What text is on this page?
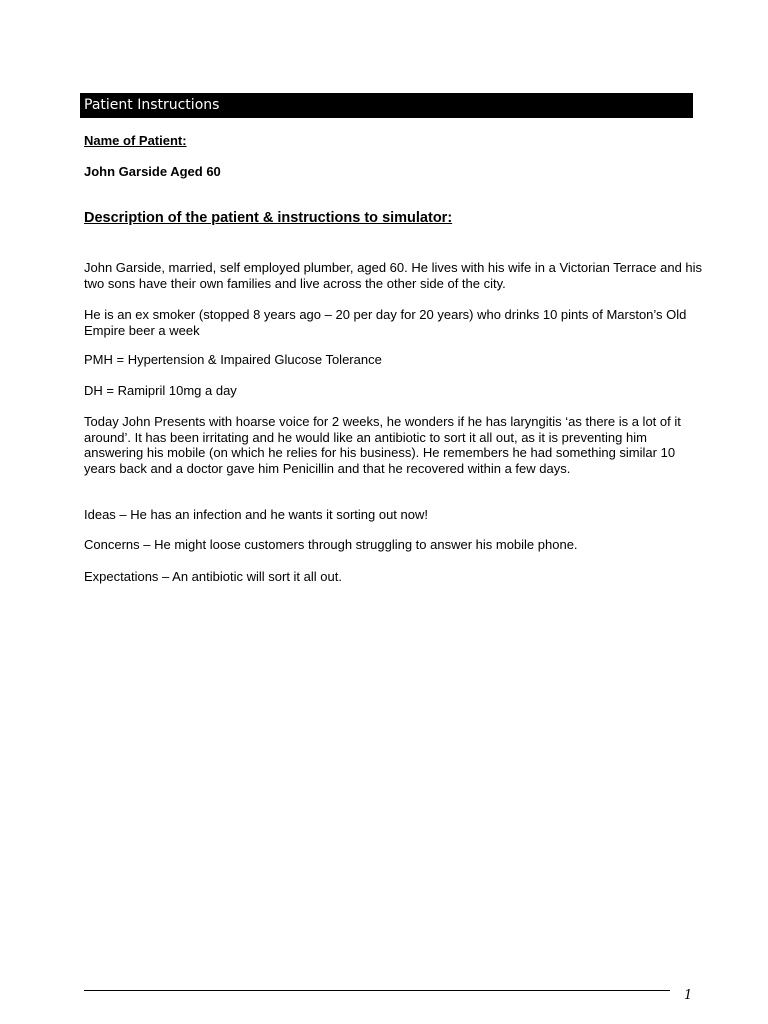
Patient Instructions
Name of Patient:
John Garside Aged 60
Description of the patient & instructions to simulator:

John Garside, married, self employed plumber, aged 60. He lives with his wife in a Victorian Terrace and his two sons have their own families and live across the other side of the city.

He is an ex smoker (stopped 8 years ago – 20 per day for 20 years) who drinks 10 pints of Marston’s Old Empire beer a week

PMH = Hypertension & Impaired Glucose Tolerance

DH = Ramipril 10mg a day

Today John Presents with hoarse voice for 2 weeks, he wonders if he has laryngitis ‘as there is a lot of it around’. It has been irritating and he would like an antibiotic to sort it all out, as it is preventing him answering his mobile (on which he relies for his business). He remembers he had something similar 10 years back and a doctor gave him Penicillin and that he recovered within a few days.

Ideas – He has an infection and he wants it sorting out now!

Concerns – He might loose customers through struggling to answer his mobile phone.

Expectations – An antibiotic will sort it all out.

1
